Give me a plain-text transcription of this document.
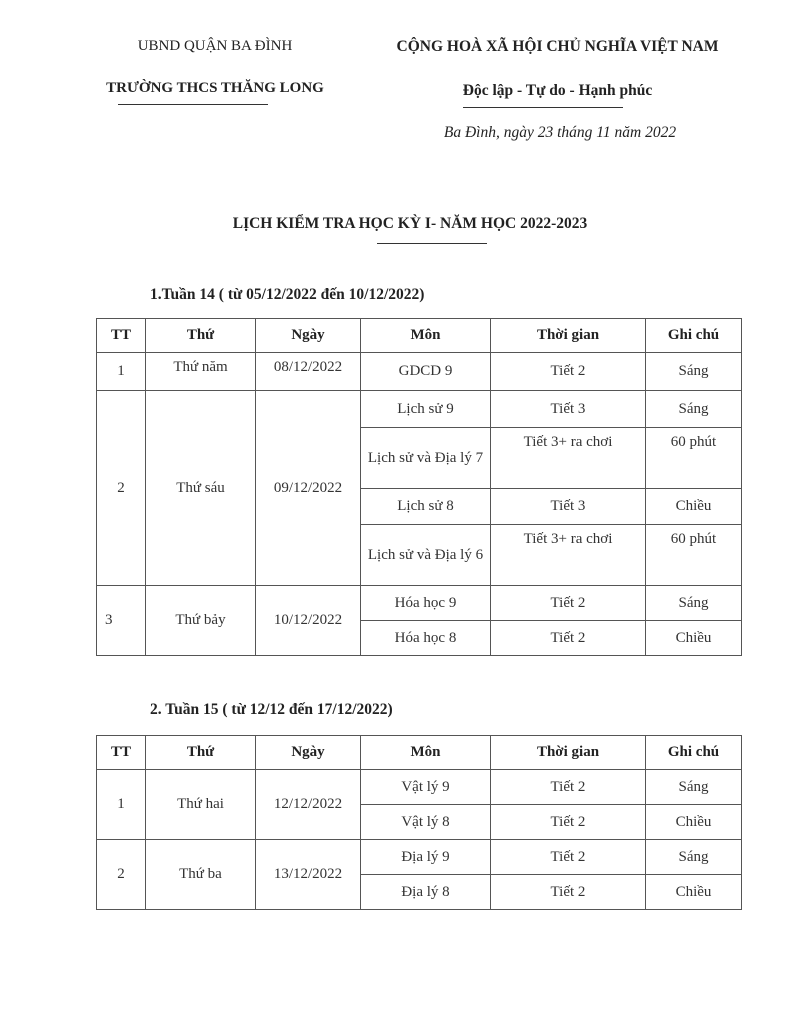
UBND QUẬN BA ĐÌNH
TRƯỜNG THCS THĂNG LONG
CỘNG HOÀ XÃ HỘI CHỦ NGHĨA VIỆT NAM
Độc lập - Tự do - Hạnh phúc
Ba Đình, ngày 23 tháng 11 năm 2022
LỊCH KIỂM TRA HỌC KỲ I- NĂM HỌC 2022-2023
1.Tuần 14 ( từ 05/12/2022 đến 10/12/2022)
TT	Thứ	Ngày	Môn	Thời gian	Ghi chú
1	Thứ năm	08/12/2022	GDCD 9	Tiết 2	Sáng
2	Thứ sáu	09/12/2022	Lịch sử 9	Tiết 3	Sáng
			Lịch sử và Địa lý 7	Tiết 3+ ra chơi	60 phút
			Lịch sử 8	Tiết 3	Chiều
			Lịch sử và Địa lý 6	Tiết 3+ ra chơi	60 phút
3	Thứ bảy	10/12/2022	Hóa học 9	Tiết 2	Sáng
			Hóa học 8	Tiết 2	Chiều
2. Tuần 15 ( từ 12/12 đến 17/12/2022)
TT	Thứ	Ngày	Môn	Thời gian	Ghi chú
1	Thứ hai	12/12/2022	Vật lý 9	Tiết 2	Sáng
			Vật lý 8	Tiết 2	Chiều
2	Thứ ba	13/12/2022	Địa lý 9	Tiết 2	Sáng
			Địa lý 8	Tiết 2	Chiều
